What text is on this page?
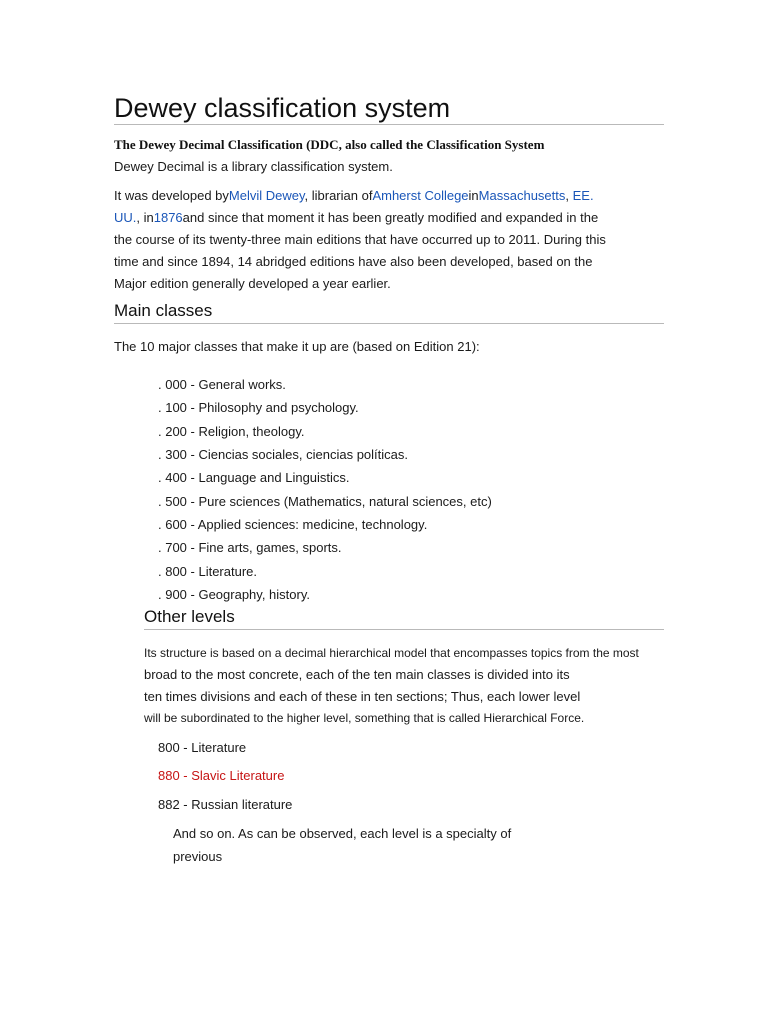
Dewey classification system
The Dewey Decimal Classification (DDC, also called the Classification System
Dewey Decimal is a library classification system.
It was developed byMelvil Dewey, librarian ofAmherst CollegeinMassachusetts, EE.
UU., in1876and since that moment it has been greatly modified and expanded in the
the course of its twenty-three main editions that have occurred up to 2011. During this
time and since 1894, 14 abridged editions have also been developed, based on the
Major edition generally developed a year earlier.
Main classes
The 10 major classes that make it up are (based on Edition 21):
. 000 - General works.
. 100 - Philosophy and psychology.
. 200 - Religion, theology.
. 300 - Ciencias sociales, ciencias políticas.
. 400 - Language and Linguistics.
. 500 - Pure sciences (Mathematics, natural sciences, etc)
. 600 - Applied sciences: medicine, technology.
. 700 - Fine arts, games, sports.
. 800 - Literature.
. 900 - Geography, history.
Other levels
Its structure is based on a decimal hierarchical model that encompasses topics from the most
broad to the most concrete, each of the ten main classes is divided into its
ten times divisions and each of these in ten sections; Thus, each lower level
will be subordinated to the higher level, something that is called Hierarchical Force.
800 - Literature
880 - Slavic Literature
882 - Russian literature
And so on. As can be observed, each level is a specialty of
previous
